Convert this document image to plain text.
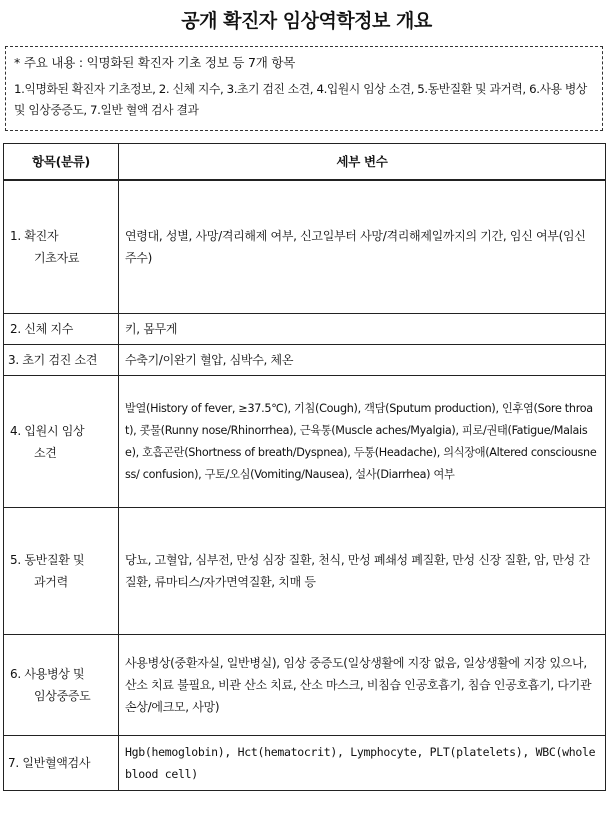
공개 확진자 임상역학정보 개요
* 주요 내용 : 익명화된 확진자 기초 정보 등 7개 항목
1.익명화된 확진자 기초정보, 2. 신체 지수, 3.초기 검진 소견, 4.입원시 임상 소견, 5.동반질환 및 과거력, 6.사용 병상 및 임상중증도, 7.일반 혈액 검사 결과
항목(분류)	세부 변수

1. 확진자
기초자료	연령대, 성별, 사망/격리해제 여부, 신고일부터 사망/격리해제일까지의 기간, 임신 여부(임신 주수)
2. 신체 지수	키, 몸무게
3. 초기 검진 소견	수축기/이완기 혈압, 심박수, 체온

4. 입원시 임상
소견	발열(History of fever, ≥37.5℃), 기침(Cough), 객담(Sputum production), 인후염(Sore throat), 콧물(Runny nose/Rhinorrhea), 근육통(Muscle aches/Myalgia), 피로/권태(Fatigue/Malaise), 호흡곤란(Shortness of breath/Dyspnea), 두통(Headache), 의식장애(Altered consciousness/ confusion), 구토/오심(Vomiting/Nausea), 설사(Diarrhea) 여부

5. 동반질환 및
과거력	당뇨, 고혈압, 심부전, 만성 심장 질환, 천식, 만성 폐쇄성 폐질환, 만성 신장 질환, 암, 만성 간질환, 류마티스/자가면역질환, 치매 등

6. 사용병상 및
임상중증도	사용병상(중환자실, 일반병실), 임상 중증도(일상생활에 지장 없음, 일상생활에 지장 있으나, 산소 치료 불필요, 비관 산소 치료, 산소 마스크, 비침습 인공호흡기, 침습 인공호흡기, 다기관 손상/에크모, 사망)
7. 일반혈액검사	Hgb(hemoglobin), Hct(hematocrit), Lymphocyte, PLT(platelets), WBC(whole blood cell)
